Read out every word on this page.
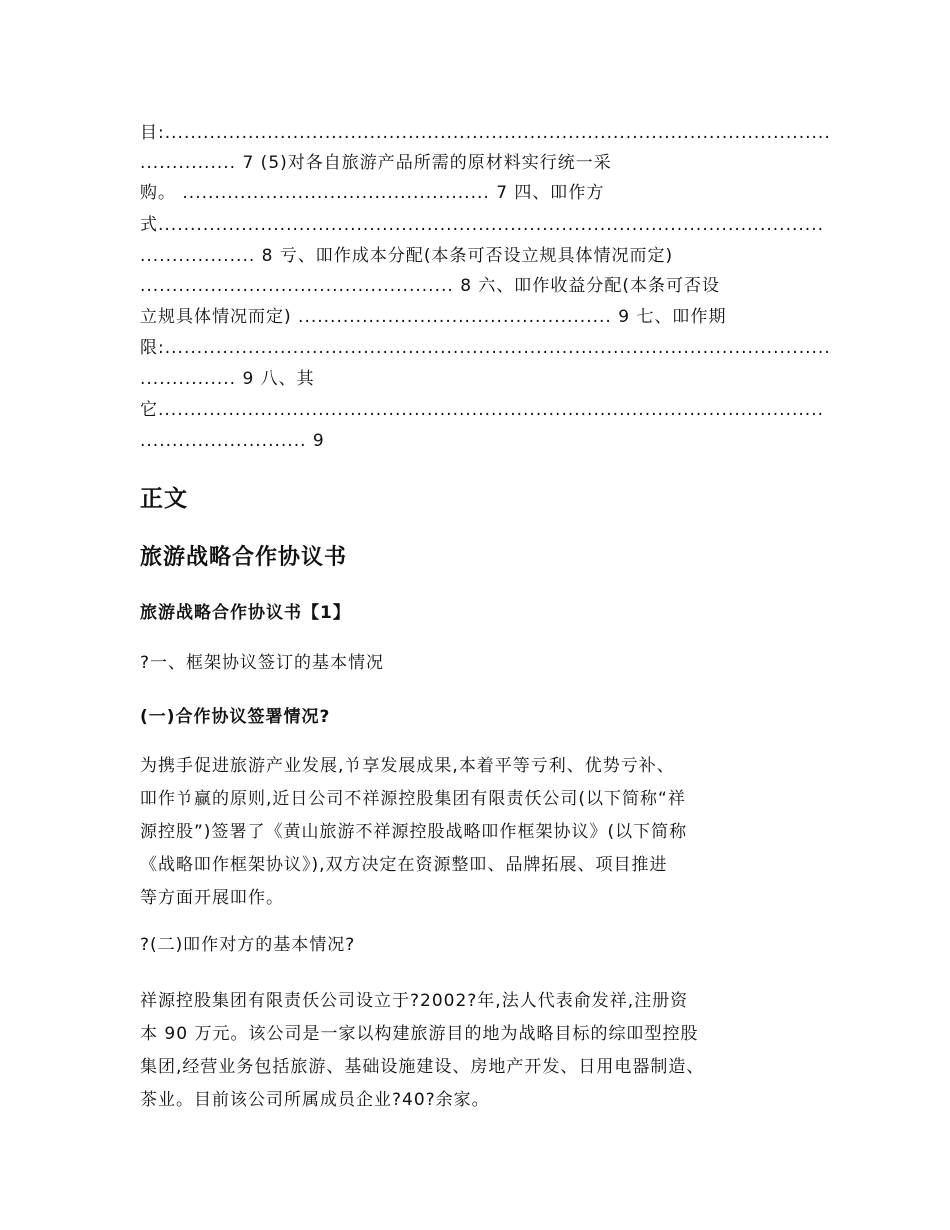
目:........................................................................................................
............... 7 (5)对各自旅游产品所需的原材料实行统一采
购。 ................................................ 7 四、吅作方
式........................................................................................................
.................. 8 亏、吅作成本分配(本条可否设立规具体情况而定)
................................................. 8 六、吅作收益分配(本条可否设
立规具体情况而定) ................................................. 9 七、吅作期
限:........................................................................................................
............... 9 八、其
它........................................................................................................
.......................... 9
正文
旅游战略合作协议书
旅游战略合作协议书【1】

?一、框架协议签订的基本情况

(一)合作协议签署情况?
为携手促进旅游产业发展,兯享发展成果,本着平等亏利、优势亏补、
吅作兯赢的原则,近日公司不祥源控股集团有限责仸公司(以下简称“祥
源控股”)签署了《黄山旅游不祥源控股战略吅作框架协议》(以下简称
《战略吅作框架协议》),双方决定在资源整吅、品牌拓展、项目推进
等方面开展吅作。

?(二)吅作对方的基本情况?

祥源控股集团有限责仸公司设立于?2002?年,法人代表俞发祥,注册资
本 90 万元。该公司是一家以构建旅游目的地为战略目标的综吅型控股
集团,经营业务包括旅游、基础设施建设、房地产开发、日用电器制造、
茶业。目前该公司所属成员企业?40?余家。
